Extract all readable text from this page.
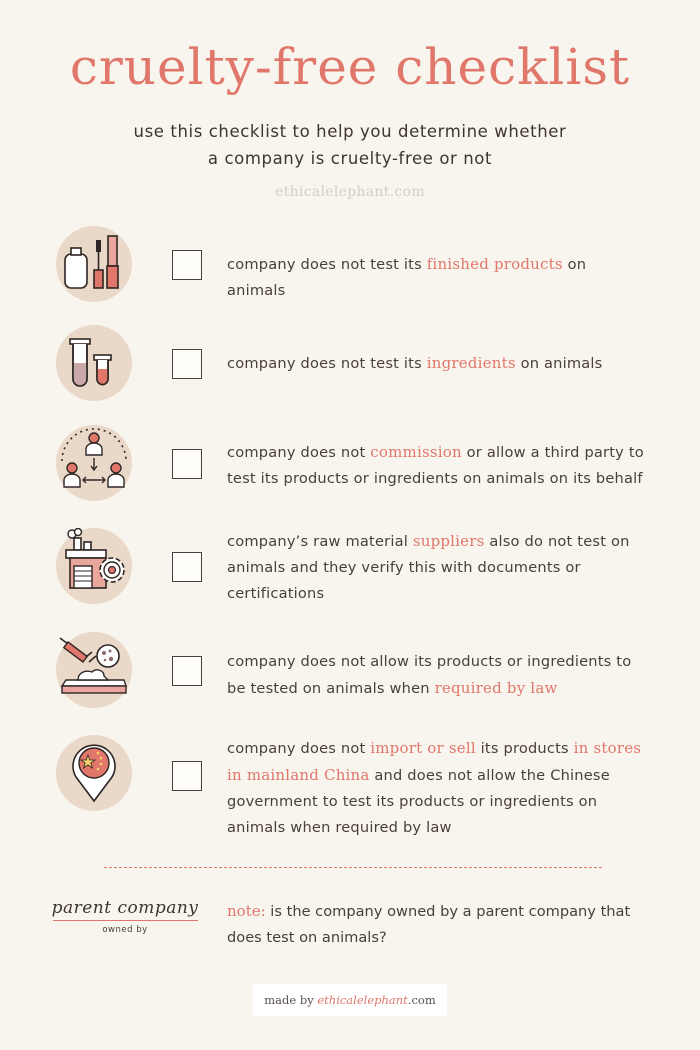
cruelty-free checklist
use this checklist to help you determine whether
a company is cruelty-free or not
ethicalelephant.com
company does not test its finished products on animals
company does not test its ingredients on animals
company does not commission or allow a third party to test its products or ingredients on animals on its behalf
company’s raw material suppliers also do not test on animals and they verify this with documents or certifications
company does not allow its products or ingredients to be tested on animals when required by law
company does not import or sell its products in stores in mainland China and does not allow the Chinese government to test its products or ingredients on animals when required by law
parent company
owned by
note: is the company owned by a parent company that does test on animals?
made by ethicalelephant.com
